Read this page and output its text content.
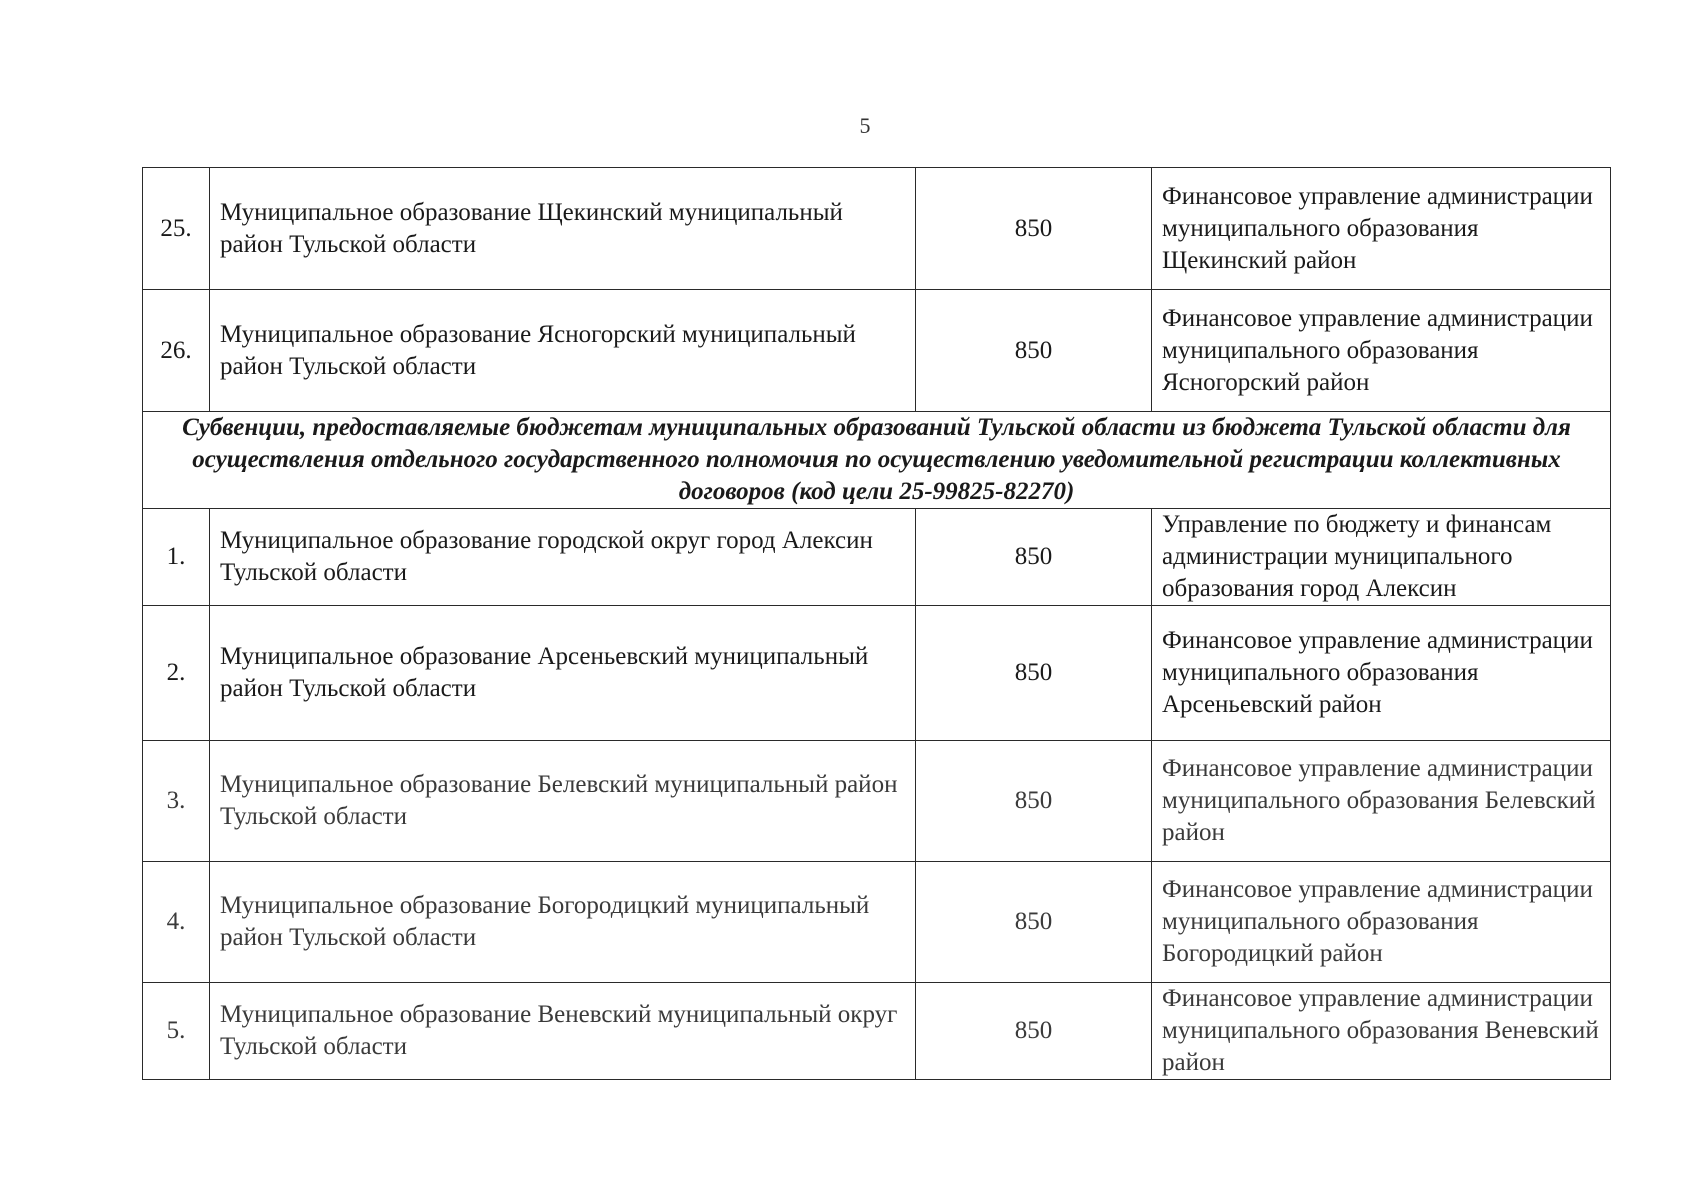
5
25.	Муниципальное образование Щекинский муниципальный район Тульской области	850	Финансовое управление администрации муниципального образования Щекинский район
26.	Муниципальное образование Ясногорский муниципальный район Тульской области	850	Финансовое управление администрации муниципального образования Ясногорский район
Субвенции, предоставляемые бюджетам муниципальных образований Тульской области из бюджета Тульской области для осуществления отдельного государственного полномочия по осуществлению уведомительной регистрации коллективных договоров (код цели 25-99825-82270)			
1.	Муниципальное образование городской округ город Алексин Тульской области	850	Управление по бюджету и финансам администрации муниципального образования город Алексин
2.	Муниципальное образование Арсеньевский муниципальный район Тульской области	850	Финансовое управление администрации муниципального образования Арсеньевский район
3.	Муниципальное образование Белевский муниципальный район Тульской области	850	Финансовое управление администрации муниципального образования Белевский район
4.	Муниципальное образование Богородицкий муниципальный район Тульской области	850	Финансовое управление администрации муниципального образования Богородицкий район
5.	Муниципальное образование Веневский муниципальный округ Тульской области	850	Финансовое управление администрации муниципального образования Веневский район
